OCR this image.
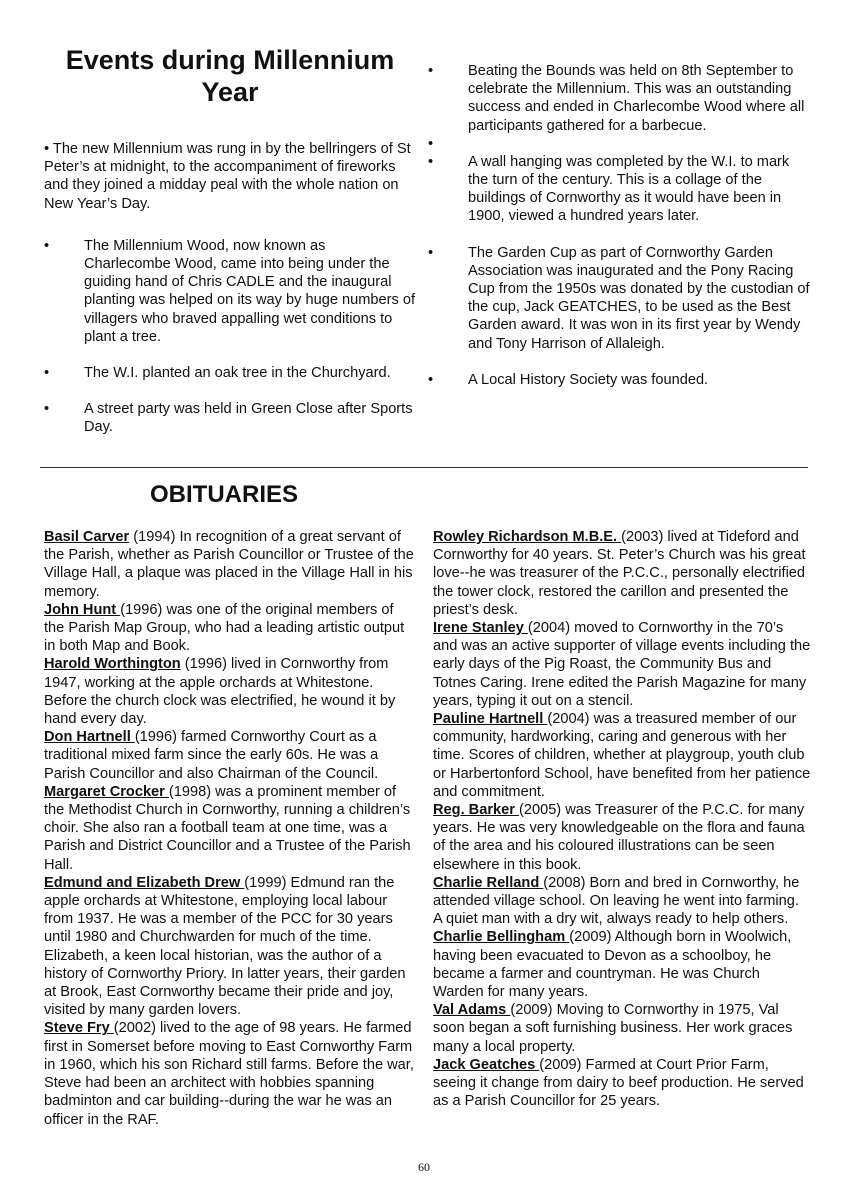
Events during Millennium Year

• The new Millennium was rung in by the bellringers of St Peter’s at midnight, to the accompaniment of fireworks and they joined a midday peal with the whole nation on New Year’s Day.

• The Millennium Wood, now known as Charlecombe Wood, came into being under the guiding hand of Chris CADLE and the inaugural planting was helped on its way by huge numbers of villagers who braved appalling wet conditions to plant a tree.
• The W.I. planted an oak tree in the Churchyard.
• A street party was held in Green Close after Sports Day.
• Beating the Bounds was held on 8th September to celebrate the Millennium. This was an outstanding success and ended in Charlecombe Wood where all participants gathered for a barbecue.
•
• A wall hanging was completed by the W.I. to mark the turn of the century. This is a collage of the buildings of Cornworthy as it would have been in 1900, viewed a hundred years later.
• The Garden Cup as part of Cornworthy Garden Association was inaugurated and the Pony Racing Cup from the 1950s was donated by the custodian of the cup, Jack GEATCHES, to be used as the Best Garden award. It was won in its first year by Wendy and Tony Harrison of Allaleigh.
• A Local History Society was founded.
OBITUARIES

Basil Carver (1994) In recognition of a great servant of the Parish, whether as Parish Councillor or Trustee of the Village Hall, a plaque was placed in the Village Hall in his memory.

John Hunt (1996) was one of the original members of the Parish Map Group, who had a leading artistic output in both Map and Book.

Harold Worthington (1996) lived in Cornworthy from 1947, working at the apple orchards at Whitestone. Before the church clock was electrified, he wound it by hand every day.

Don Hartnell (1996) farmed Cornworthy Court as a traditional mixed farm since the early 60s. He was a Parish Councillor and also Chairman of the Council.

Margaret Crocker (1998) was a prominent member of the Methodist Church in Cornworthy, running a children’s choir. She also ran a football team at one time, was a Parish and District Councillor and a Trustee of the Parish Hall.

Edmund and Elizabeth Drew (1999) Edmund ran the apple orchards at Whitestone, employing local labour from 1937. He was a member of the PCC for 30 years until 1980 and Churchwarden for much of the time. Elizabeth, a keen local historian, was the author of a history of Cornworthy Priory. In latter years, their garden at Brook, East Cornworthy became their pride and joy, visited by many garden lovers.

Steve Fry (2002) lived to the age of 98 years. He farmed first in Somerset before moving to East Cornworthy Farm in 1960, which his son Richard still farms. Before the war, Steve had been an architect with hobbies spanning badminton and car building--during the war he was an officer in the RAF.

Rowley Richardson M.B.E. (2003) lived at Tideford and Cornworthy for 40 years. St. Peter’s Church was his great love--he was treasurer of the P.C.C., personally electrified the tower clock, restored the carillon and presented the priest’s desk.

Irene Stanley (2004) moved to Cornworthy in the 70’s and was an active supporter of village events including the early days of the Pig Roast, the Community Bus and Totnes Caring. Irene edited the Parish Magazine for many years, typing it out on a stencil.

Pauline Hartnell (2004) was a treasured member of our community, hardworking, caring and generous with her time. Scores of children, whether at playgroup, youth club or Harbertonford School, have benefited from her patience and commitment.

Reg. Barker (2005) was Treasurer of the P.C.C. for many years. He was very knowledgeable on the flora and fauna of the area and his coloured illustrations can be seen elsewhere in this book.

Charlie Relland (2008) Born and bred in Cornworthy, he attended village school. On leaving he went into farming. A quiet man with a dry wit, always ready to help others.

Charlie Bellingham (2009) Although born in Woolwich, having been evacuated to Devon as a schoolboy, he became a farmer and countryman. He was Church Warden for many years.

Val Adams (2009) Moving to Cornworthy in 1975, Val soon began a soft furnishing business. Her work graces many a local property.

Jack Geatches (2009) Farmed at Court Prior Farm, seeing it change from dairy to beef production. He served as a Parish Councillor for 25 years.

60
